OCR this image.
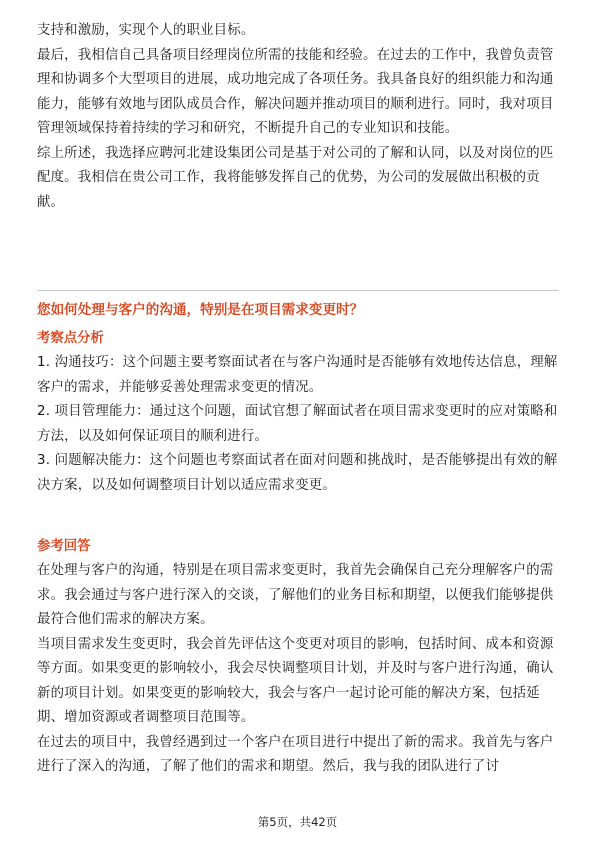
支持和激励，实现个人的职业目标。

最后，我相信自己具备项目经理岗位所需的技能和经验。在过去的工作中，我曾负责管理和协调多个大型项目的进展，成功地完成了各项任务。我具备良好的组织能力和沟通能力，能够有效地与团队成员合作，解决问题并推动项目的顺利进行。同时，我对项目管理领域保持着持续的学习和研究，不断提升自己的专业知识和技能。

综上所述，我选择应聘河北建设集团公司是基于对公司的了解和认同，以及对岗位的匹配度。我相信在贵公司工作，我将能够发挥自己的优势，为公司的发展做出积极的贡献。

您如何处理与客户的沟通，特别是在项目需求变更时？

考察点分析

1. 沟通技巧：这个问题主要考察面试者在与客户沟通时是否能够有效地传达信息，理解客户的需求，并能够妥善处理需求变更的情况。

2. 项目管理能力：通过这个问题，面试官想了解面试者在项目需求变更时的应对策略和方法，以及如何保证项目的顺利进行。

3. 问题解决能力：这个问题也考察面试者在面对问题和挑战时，是否能够提出有效的解决方案，以及如何调整项目计划以适应需求变更。

参考回答

在处理与客户的沟通，特别是在项目需求变更时，我首先会确保自己充分理解客户的需求。我会通过与客户进行深入的交谈，了解他们的业务目标和期望，以便我们能够提供最符合他们需求的解决方案。

当项目需求发生变更时，我会首先评估这个变更对项目的影响，包括时间、成本和资源等方面。如果变更的影响较小，我会尽快调整项目计划，并及时与客户进行沟通，确认新的项目计划。如果变更的影响较大，我会与客户一起讨论可能的解决方案，包括延期、增加资源或者调整项目范围等。

在过去的项目中，我曾经遇到过一个客户在项目进行中提出了新的需求。我首先与客户进行了深入的沟通，了解了他们的需求和期望。然后，我与我的团队进行了讨

第5页，共42页
